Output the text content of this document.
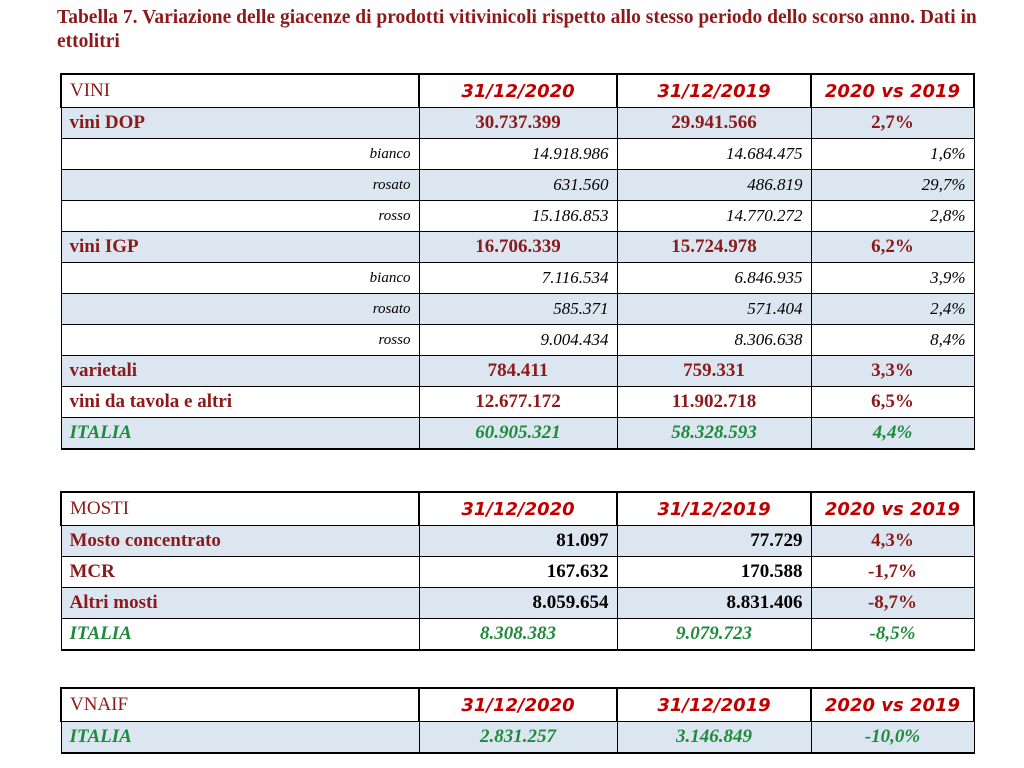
Tabella 7. Variazione delle giacenze di prodotti vitivinicoli rispetto allo stesso periodo dello scorso anno. Dati in ettolitri
VINI	31/12/2020	31/12/2019	2020 vs 2019
vini DOP	30.737.399	29.941.566	2,7%
bianco	14.918.986	14.684.475	1,6%
rosato	631.560	486.819	29,7%
rosso	15.186.853	14.770.272	2,8%
vini IGP	16.706.339	15.724.978	6,2%
bianco	7.116.534	6.846.935	3,9%
rosato	585.371	571.404	2,4%
rosso	9.004.434	8.306.638	8,4%
varietali	784.411	759.331	3,3%
vini da tavola e altri	12.677.172	11.902.718	6,5%
ITALIA	60.905.321	58.328.593	4,4%
MOSTI	31/12/2020	31/12/2019	2020 vs 2019
Mosto concentrato	81.097	77.729	4,3%
MCR	167.632	170.588	-1,7%
Altri mosti	8.059.654	8.831.406	-8,7%
ITALIA	8.308.383	9.079.723	-8,5%
VNAIF	31/12/2020	31/12/2019	2020 vs 2019
ITALIA	2.831.257	3.146.849	-10,0%
